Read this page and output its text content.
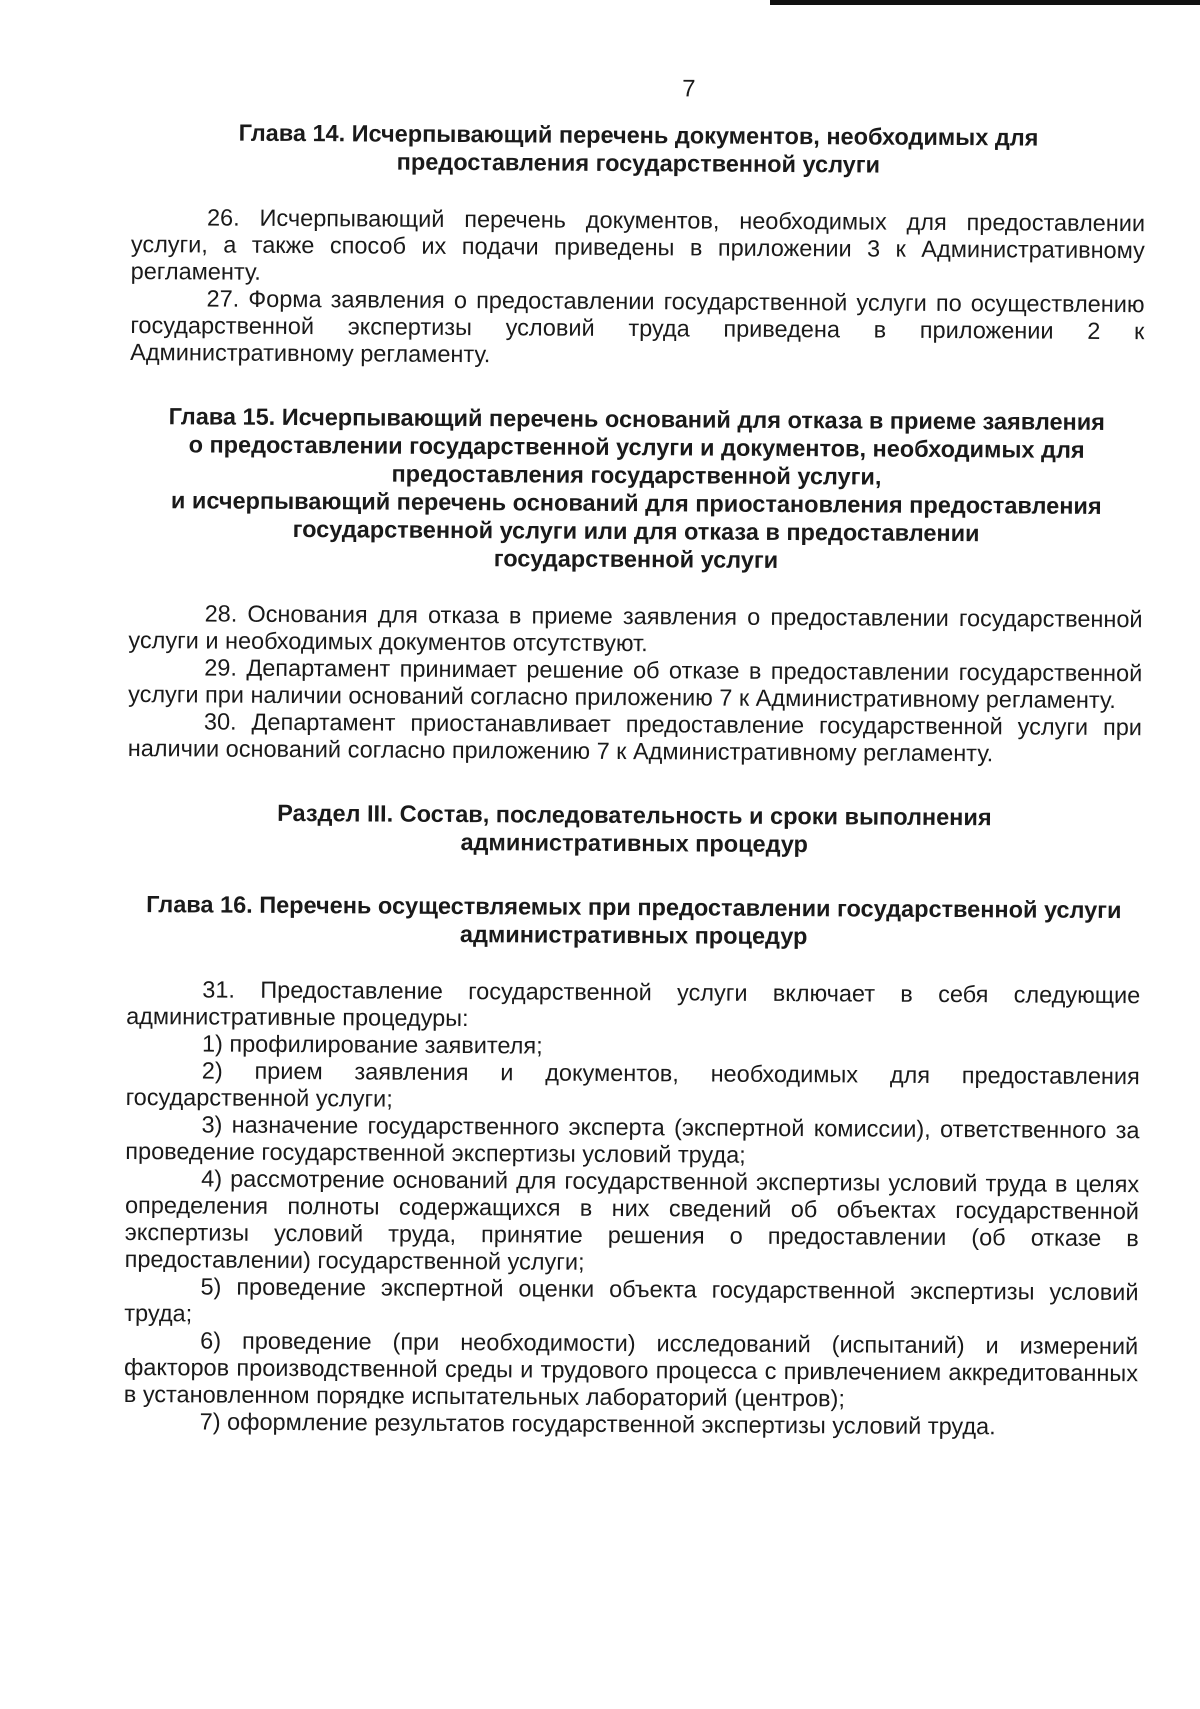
7
Глава 14. Исчерпывающий перечень документов, необходимых для
предоставления государственной услуги

26. Исчерпывающий перечень документов, необходимых для предоставлении услуги, а также способ их подачи приведены в приложении 3 к Административному регламенту.

27. Форма заявления о предоставлении государственной услуги по осуществлению государственной экспертизы условий труда приведена в приложении 2 к Административному регламенту.

Глава 15. Исчерпывающий перечень оснований для отказа в приеме заявления
о предоставлении государственной услуги и документов, необходимых для
предоставления государственной услуги,
и исчерпывающий перечень оснований для приостановления предоставления
государственной услуги или для отказа в предоставлении
государственной услуги

28. Основания для отказа в приеме заявления о предоставлении государственной услуги и необходимых документов отсутствуют.

29. Департамент принимает решение об отказе в предоставлении государственной услуги при наличии оснований согласно приложению 7 к Административному регламенту.

30. Департамент приостанавливает предоставление государственной услуги при наличии оснований согласно приложению 7 к Административному регламенту.

Раздел III. Состав, последовательность и сроки выполнения
административных процедур
Глава 16. Перечень осуществляемых при предоставлении государственной услуги
административных процедур

31. Предоставление государственной услуги включает в себя следующие административные процедуры:

1) профилирование заявителя;

2) прием заявления и документов, необходимых для предоставления государственной услуги;

3) назначение государственного эксперта (экспертной комиссии), ответственного за проведение государственной экспертизы условий труда;

4) рассмотрение оснований для государственной экспертизы условий труда в целях определения полноты содержащихся в них сведений об объектах государственной экспертизы условий труда, принятие решения о предоставлении (об отказе в предоставлении) государственной услуги;

5) проведение экспертной оценки объекта государственной экспертизы условий труда;

6) проведение (при необходимости) исследований (испытаний) и измерений факторов производственной среды и трудового процесса с привлечением аккредитованных в установленном порядке испытательных лабораторий (центров);

7) оформление результатов государственной экспертизы условий труда.
